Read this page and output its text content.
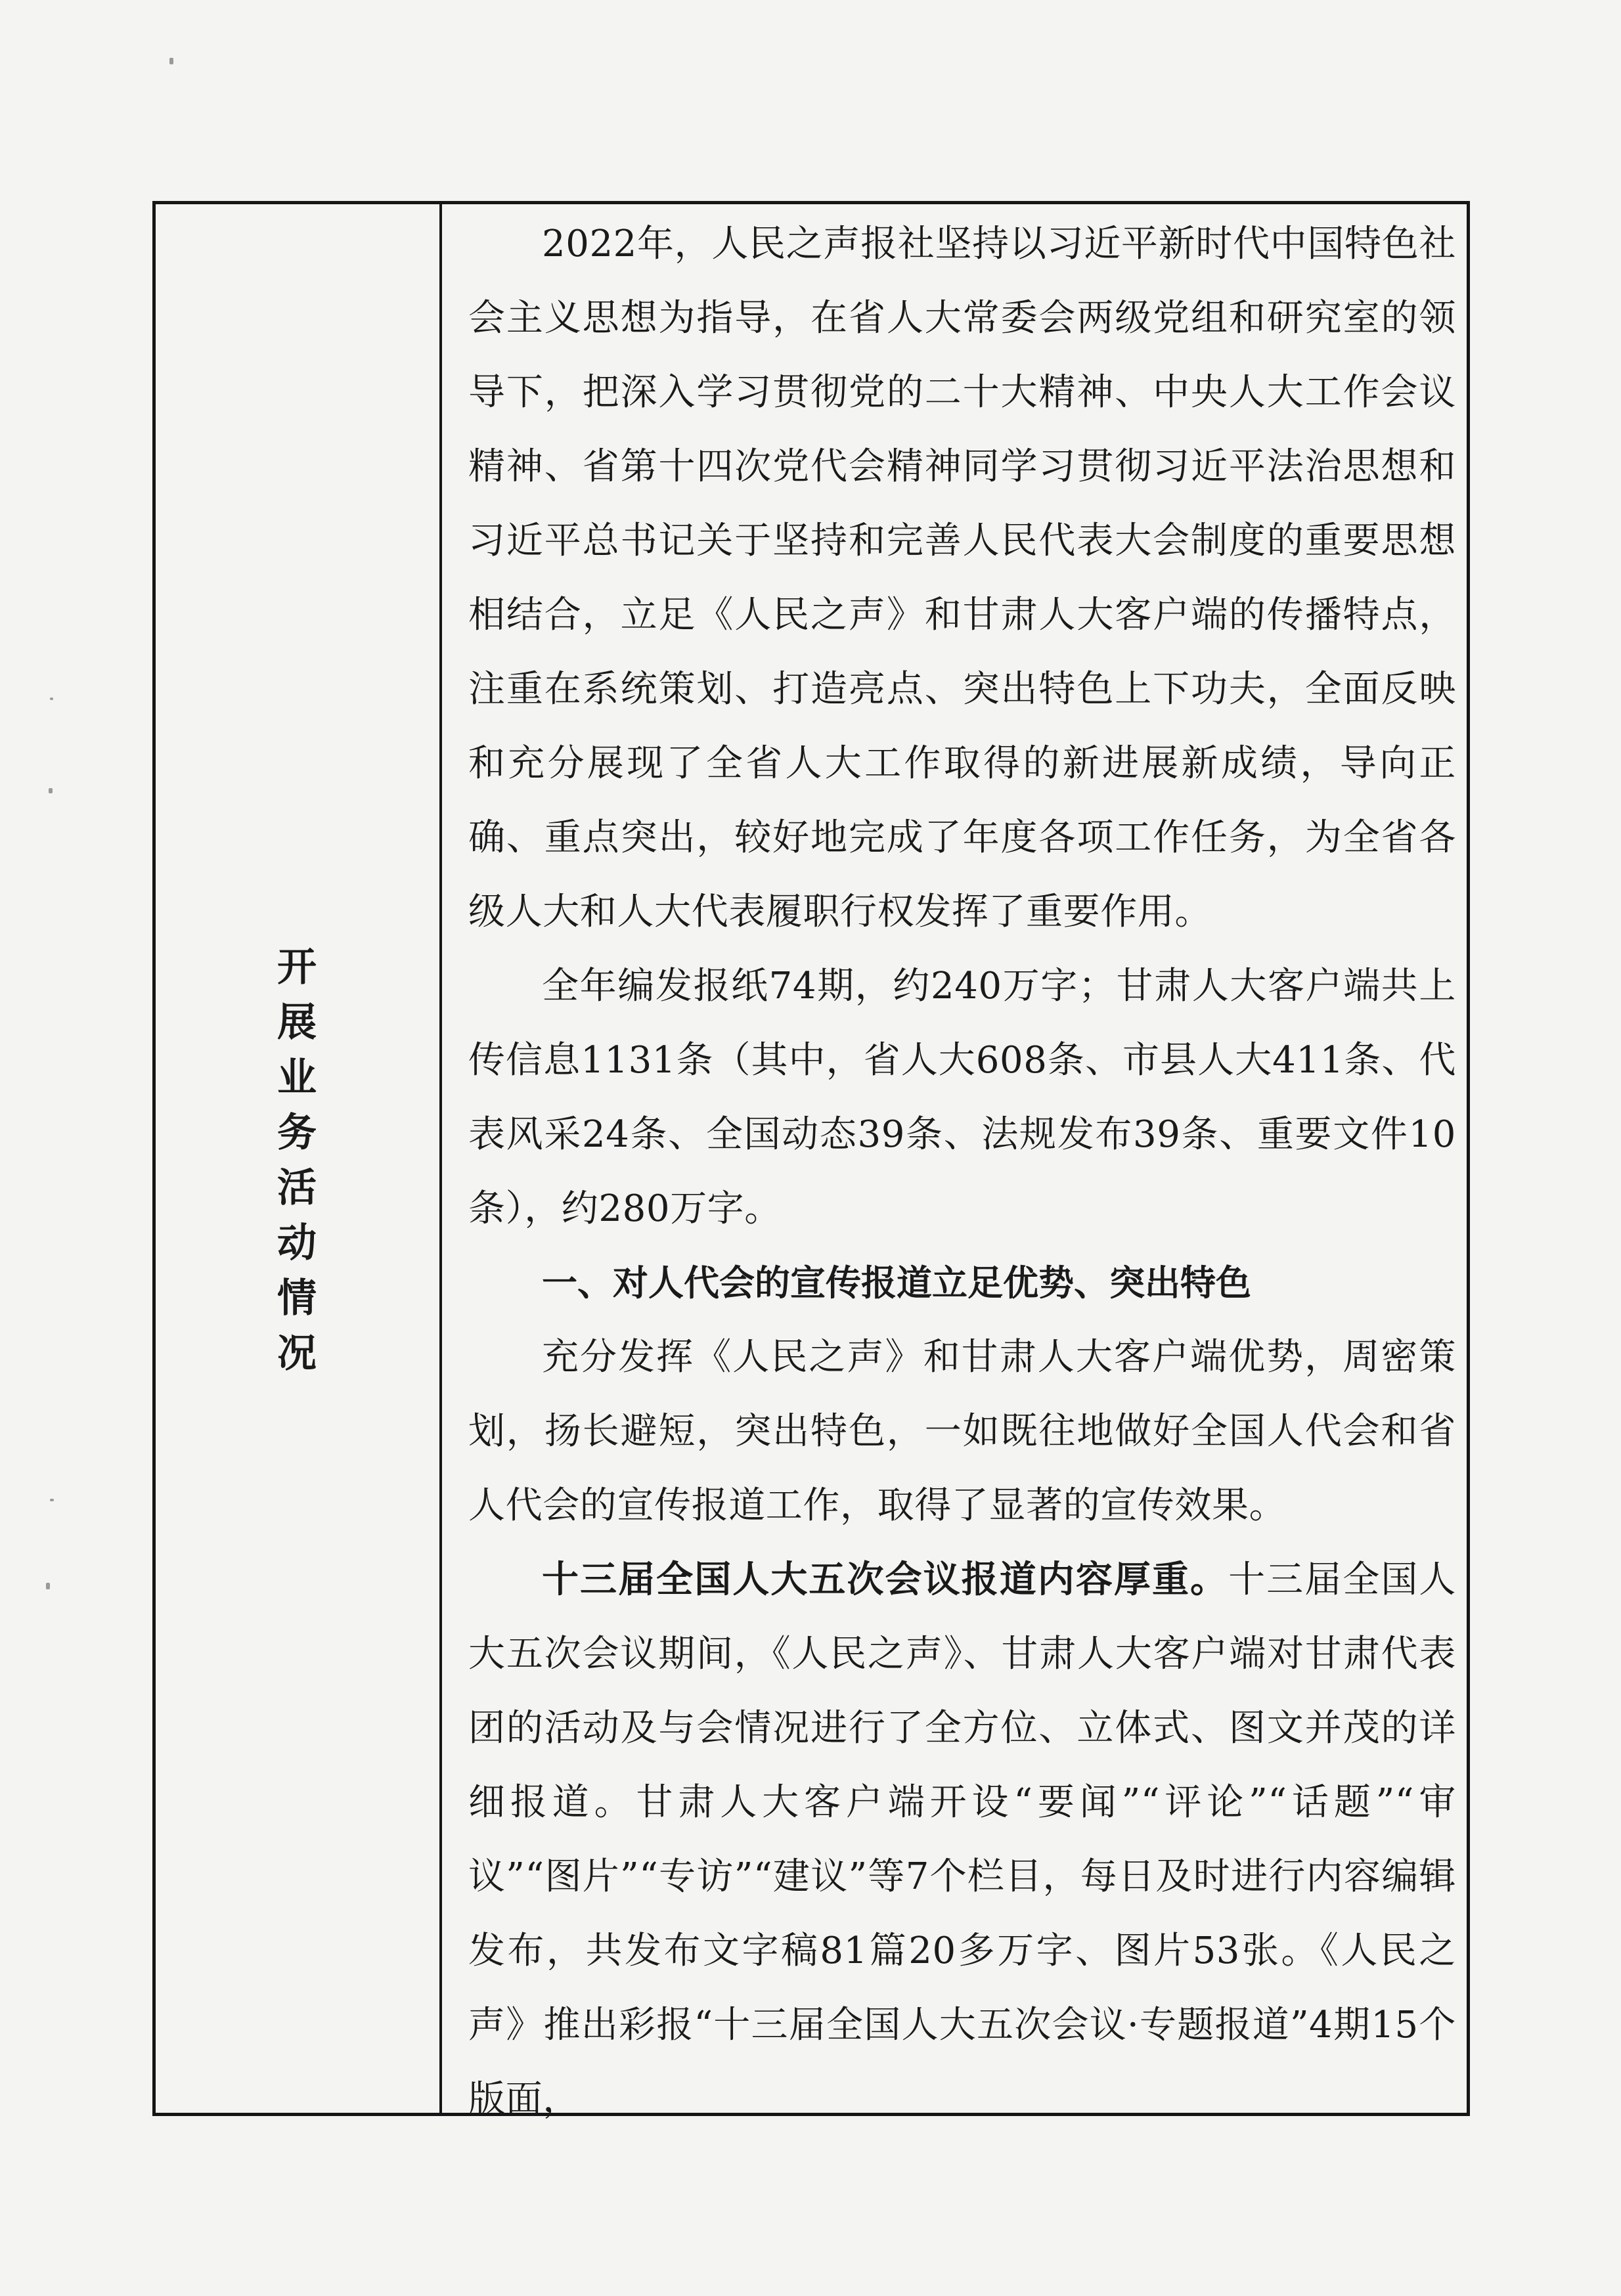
开
展
业
务
活
动
情
况

2022年，人民之声报社坚持以习近平新时代中国特色社会主义思想为指导，在省人大常委会两级党组和研究室的领导下，把深入学习贯彻党的二十大精神、中央人大工作会议精神、省第十四次党代会精神同学习贯彻习近平法治思想和习近平总书记关于坚持和完善人民代表大会制度的重要思想相结合，立足《人民之声》和甘肃人大客户端的传播特点，注重在系统策划、打造亮点、突出特色上下功夫，全面反映和充分展现了全省人大工作取得的新进展新成绩，导向正确、重点突出，较好地完成了年度各项工作任务，为全省各级人大和人大代表履职行权发挥了重要作用。

全年编发报纸74期，约240万字；甘肃人大客户端共上传信息1131条（其中，省人大608条、市县人大411条、代表风采24条、全国动态39条、法规发布39条、重要文件10条），约280万字。

一、对人代会的宣传报道立足优势、突出特色

充分发挥《人民之声》和甘肃人大客户端优势，周密策划，扬长避短，突出特色，一如既往地做好全国人代会和省人代会的宣传报道工作，取得了显著的宣传效果。

十三届全国人大五次会议报道内容厚重。十三届全国人大五次会议期间，《人民之声》、甘肃人大客户端对甘肃代表团的活动及与会情况进行了全方位、立体式、图文并茂的详细报道。甘肃人大客户端开设“要闻”“评论”“话题”“审议”“图片”“专访”“建议”等7个栏目，每日及时进行内容编辑发布，共发布文字稿81篇20多万字、图片53张。《人民之声》推出彩报“十三届全国人大五次会议·专题报道”4期15个版面，
